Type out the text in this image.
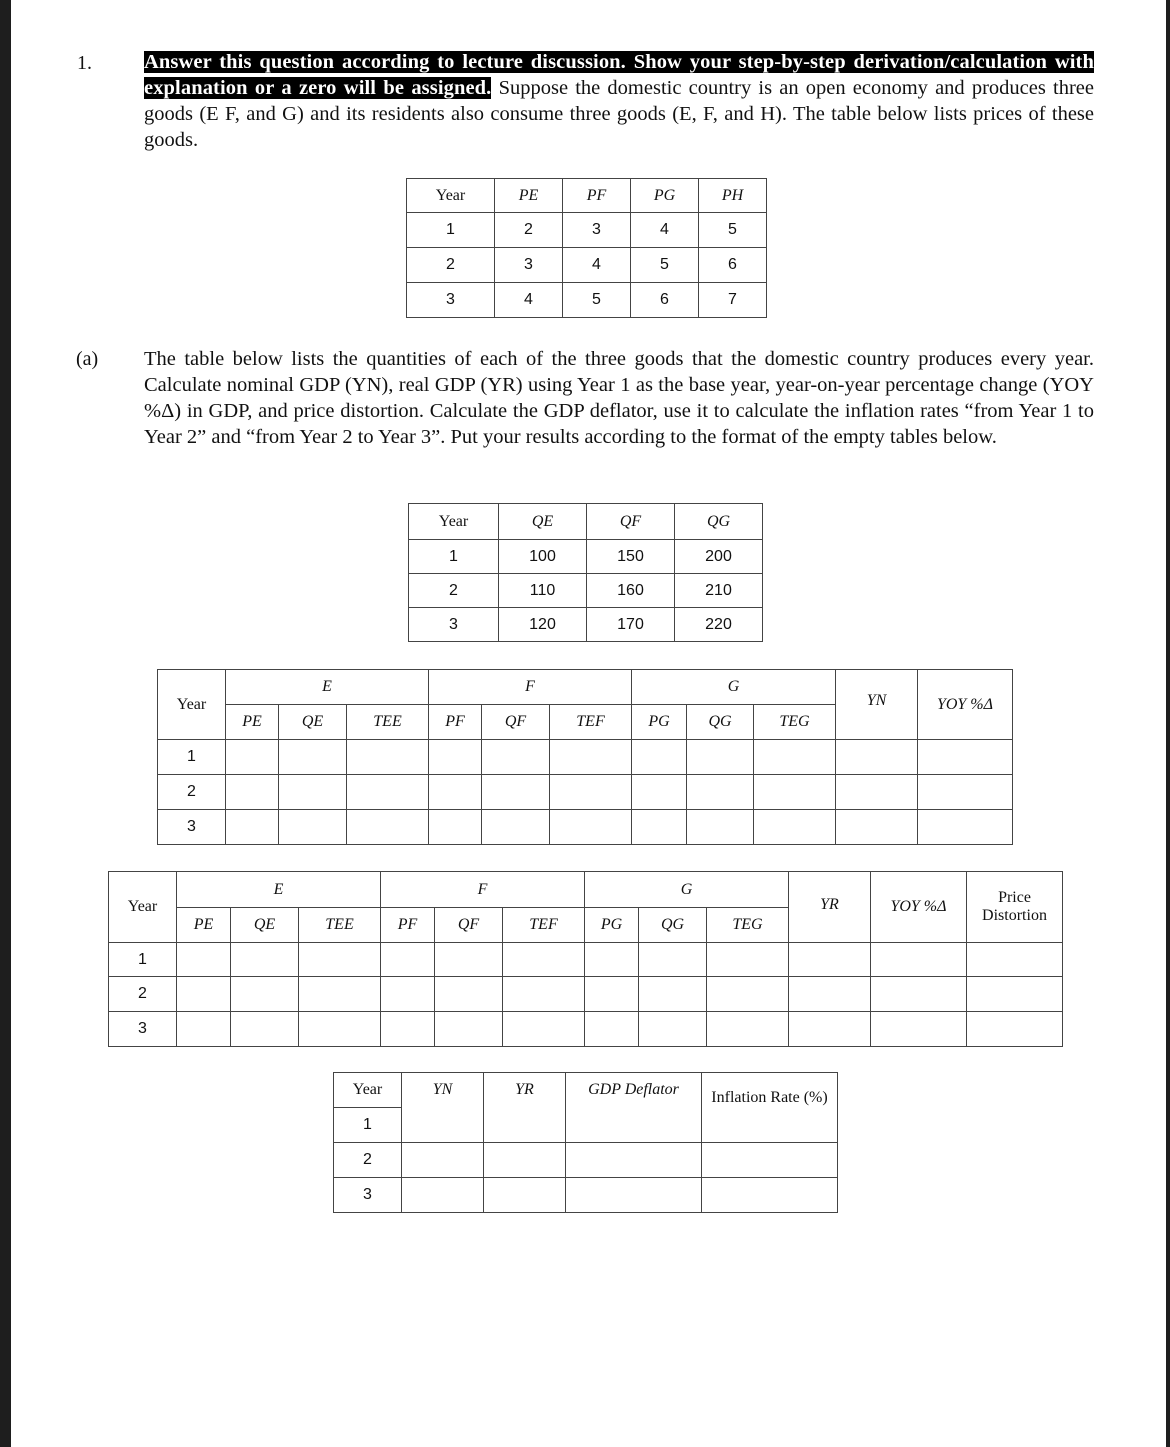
1.	Answer this question according to lecture discussion. Show your step-by-step derivation/calculation with explanation or a zero will be assigned. Suppose the domestic country is an open economy and produces three goods (E F, and G) and its residents also consume three goods (E, F, and H). The table below lists prices of these goods.
Year	PE	PF	PG	PH
1	2	3	4	5
2	3	4	5	6
3	4	5	6	7
(a) The table below lists the quantities of each of the three goods that the domestic country produces every year. Calculate nominal GDP (YN), real GDP (YR) using Year 1 as the base year, year-on-year percentage change (YOY %Δ) in GDP, and price distortion. Calculate the GDP deflator, use it to calculate the inflation rates “from Year 1 to Year 2” and “from Year 2 to Year 3”. Put your results according to the format of the empty tables below.
Year	QE	QF	QG
1	100	150	200
2	110	160	210
3	120	170	220
Year	E			F			G			YN	YOY %Δ
	PE	QE	TEE	PF	QF	TEF	PG	QG	TEG		
1											
2											
3											
Year	E			F			G			YR	YOY %Δ	Price Distortion
	PE	QE	TEE	PF	QF	TEF	PG	QG	TEG			
1												
2												
3												
Year	YN	YR	GDP Deflator	Inflation Rate (%)
1				
2				
3				
